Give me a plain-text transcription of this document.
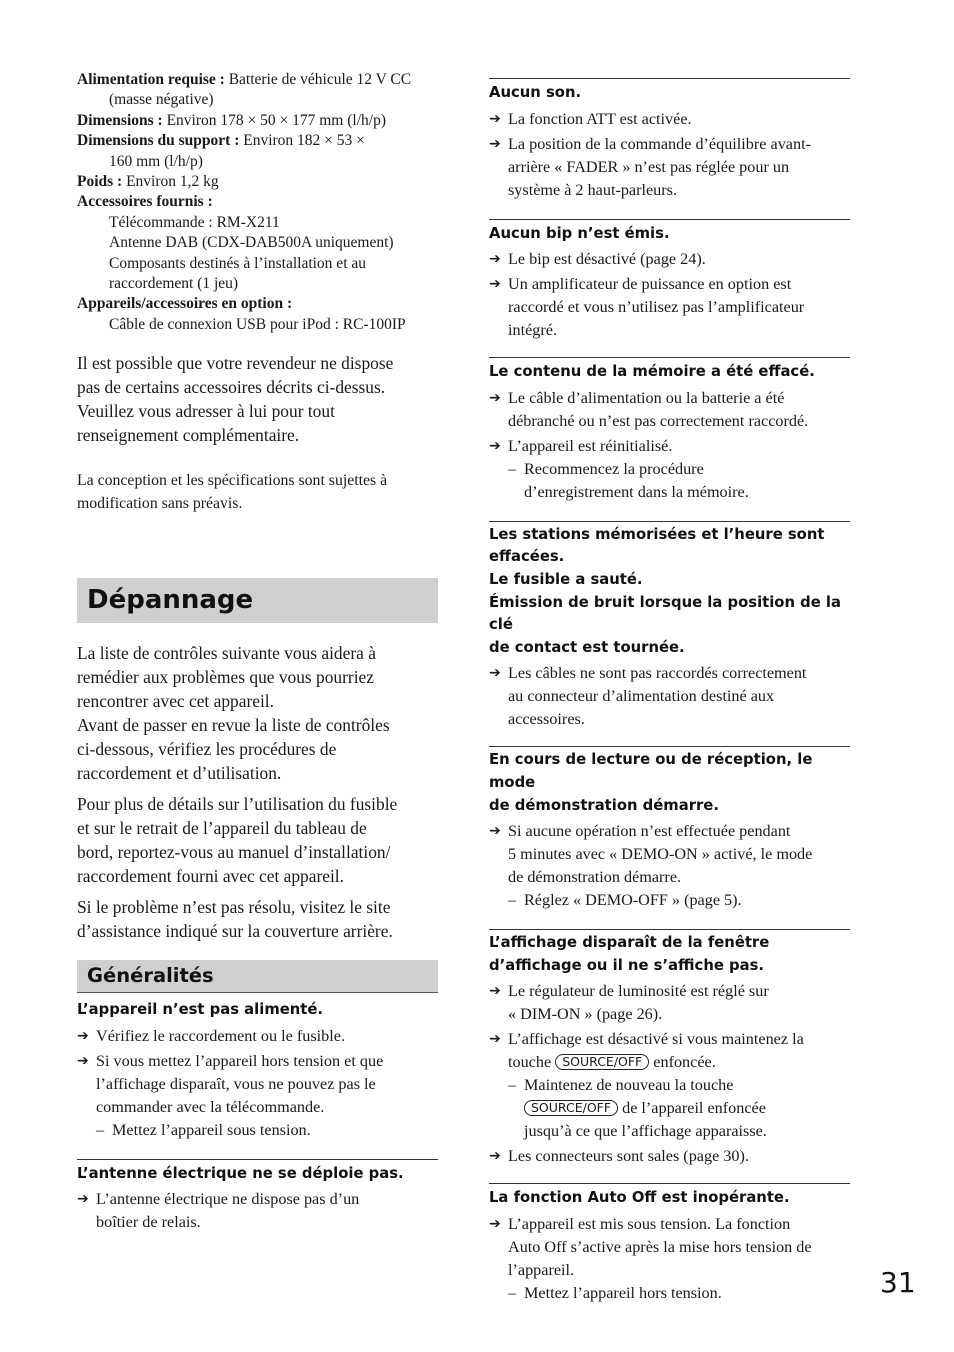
Alimentation requise : Batterie de véhicule 12 V CC

(masse négative)

Dimensions : Environ 178 × 50 × 177 mm (l/h/p)

Dimensions du support : Environ 182 × 53 ×

160 mm (l/h/p)

Poids : Environ 1,2 kg

Accessoires fournis :

Télécommande : RM-X211

Antenne DAB (CDX-DAB500A uniquement)

Composants destinés à l’installation et au

raccordement (1 jeu)

Appareils/accessoires en option :

Câble de connexion USB pour iPod : RC-100IP

Il est possible que votre revendeur ne dispose

pas de certains accessoires décrits ci-dessus.

Veuillez vous adresser à lui pour tout

renseignement complémentaire.

La conception et les spécifications sont sujettes à

modification sans préavis.

Dépannage

La liste de contrôles suivante vous aidera à

remédier aux problèmes que vous pourriez

rencontrer avec cet appareil.

Avant de passer en revue la liste de contrôles

ci-dessous, vérifiez les procédures de

raccordement et d’utilisation.

Pour plus de détails sur l’utilisation du fusible

et sur le retrait de l’appareil du tableau de

bord, reportez-vous au manuel d’installation/

raccordement fourni avec cet appareil.

Si le problème n’est pas résolu, visitez le site

d’assistance indiqué sur la couverture arrière.

Généralités

L’appareil n’est pas alimenté.

➔ Vérifiez le raccordement ou le fusible.

➔ Si vous mettez l’appareil hors tension et que
l’affichage disparaît, vous ne pouvez pas le
commander avec la télécommande.

– Mettez l’appareil sous tension.

L’antenne électrique ne se déploie pas.

➔ L’antenne électrique ne dispose pas d’un
boîtier de relais.

Aucun son.

➔ La fonction ATT est activée.

➔ La position de la commande d’équilibre avant-
arrière « FADER » n’est pas réglée pour un
système à 2 haut-parleurs.

Aucun bip n’est émis.

➔ Le bip est désactivé (page 24).

➔ Un amplificateur de puissance en option est
raccordé et vous n’utilisez pas l’amplificateur
intégré.

Le contenu de la mémoire a été effacé.

➔ Le câble d’alimentation ou la batterie a été
débranché ou n’est pas correctement raccordé.

➔ L’appareil est réinitialisé.

– Recommencez la procédure
d’enregistrement dans la mémoire.

Les stations mémorisées et l’heure sont

effacées.

Le fusible a sauté.

Émission de bruit lorsque la position de la clé

de contact est tournée.

➔ Les câbles ne sont pas raccordés correctement
au connecteur d’alimentation destiné aux
accessoires.

En cours de lecture ou de réception, le mode

de démonstration démarre.

➔ Si aucune opération n’est effectuée pendant
5 minutes avec « DEMO-ON » activé, le mode
de démonstration démarre.

– Réglez « DEMO-OFF » (page 5).

L’affichage disparaît de la fenêtre

d’affichage ou il ne s’affiche pas.

➔ Le régulateur de luminosité est réglé sur
« DIM-ON » (page 26).

➔ L’affichage est désactivé si vous maintenez la
touche SOURCE/OFF enfoncée.

– Maintenez de nouveau la touche
SOURCE/OFF de l’appareil enfoncée
jusqu’à ce que l’affichage apparaisse.

➔ Les connecteurs sont sales (page 30).

La fonction Auto Off est inopérante.

➔ L’appareil est mis sous tension. La fonction
Auto Off s’active après la mise hors tension de
l’appareil.

– Mettez l’appareil hors tension.	31
